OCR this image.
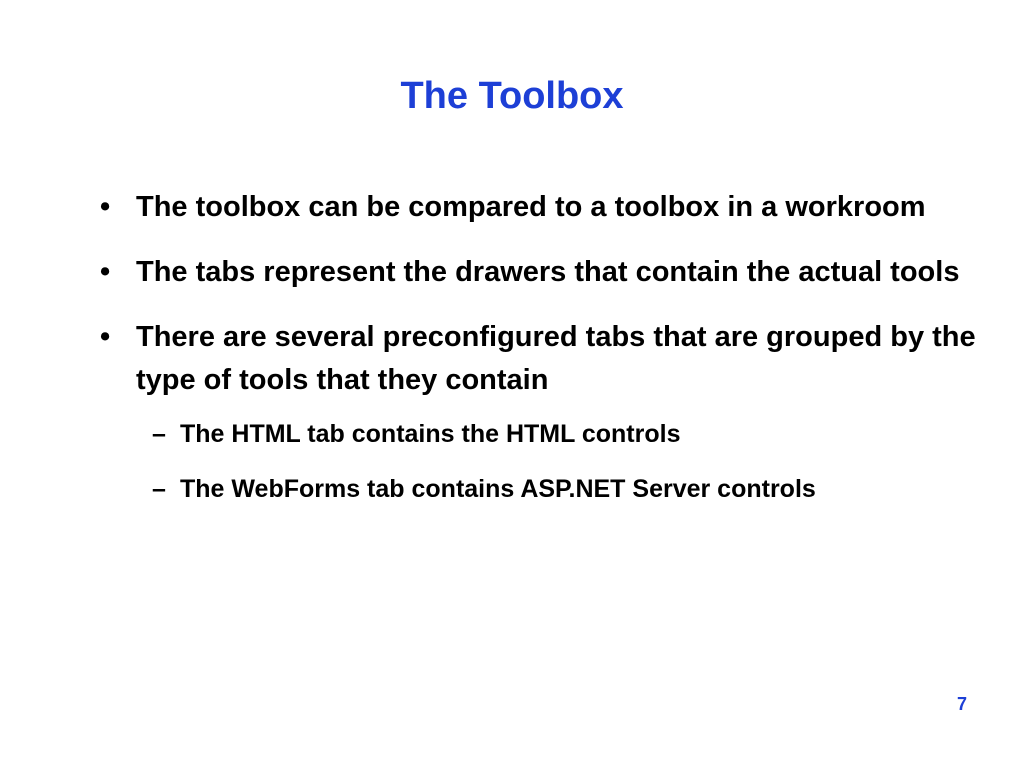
The Toolbox
• The toolbox can be compared to a toolbox in a workroom
• The tabs represent the drawers that contain the actual tools
• There are several preconfigured tabs that are grouped by the type of tools that they contain
– The HTML tab contains the HTML controls
– The WebForms tab contains ASP.NET Server controls
7
